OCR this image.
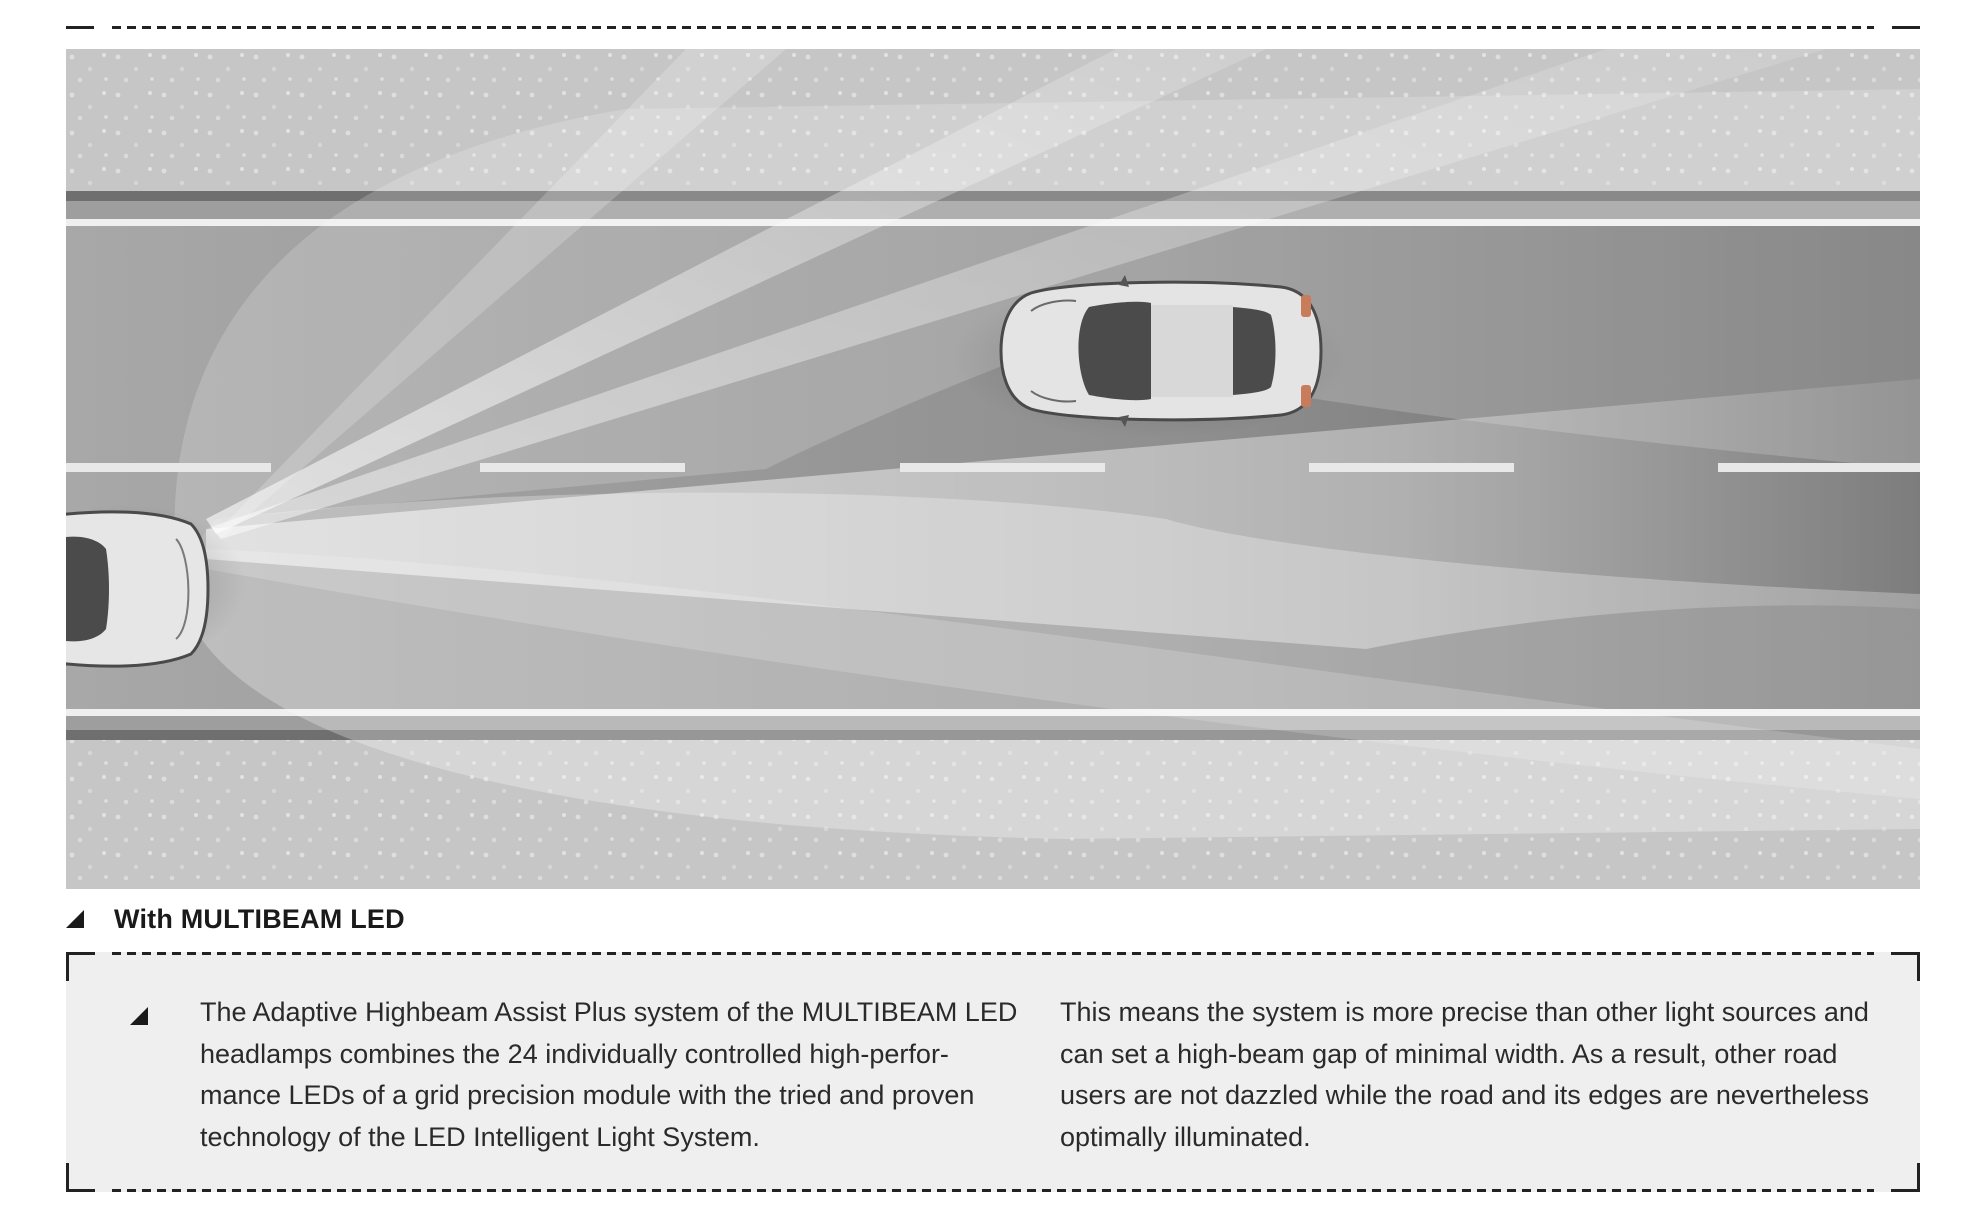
With MULTIBEAM LED
The Adaptive Highbeam Assist Plus system of the MULTIBEAM LED headlamps combines the 24 individually controlled high-perfor-mance LEDs of a grid precision module with the tried and proven technology of the LED Intelligent Light System.
This means the system is more precise than other light sources and can set a high-beam gap of minimal width. As a result, other road users are not dazzled while the road and its edges are nevertheless optimally illuminated.
